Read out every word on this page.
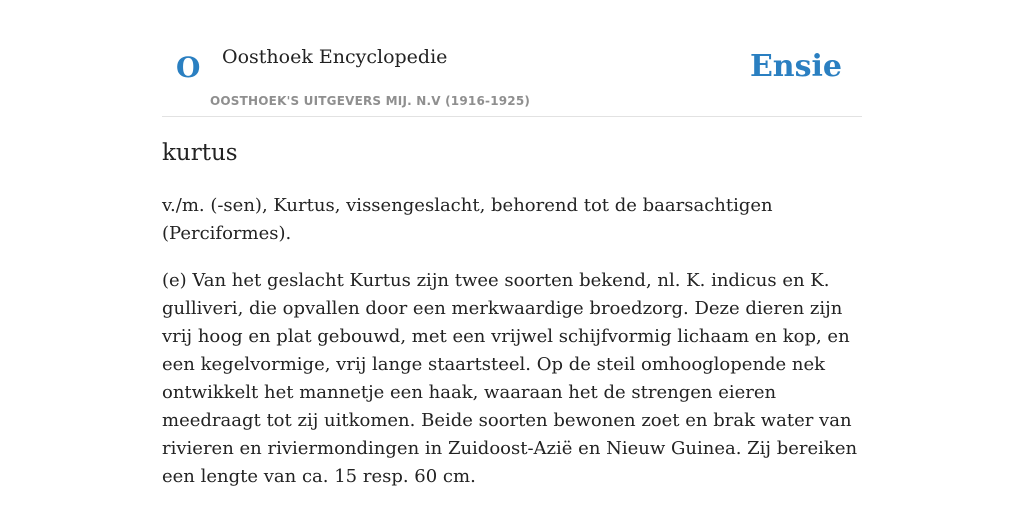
O Oosthoek Encyclopedie
OOSTHOEK'S UITGEVERS MIJ. N.V (1916-1925)
Ensie
kurtus

v./m. (-sen), Kurtus, vissengeslacht, behorend tot de baarsachtigen (Perciformes).

(e) Van het geslacht Kurtus zijn twee soorten bekend, nl. K. indicus en K. gulliveri, die opvallen door een merkwaardige broedzorg. Deze dieren zijn vrij hoog en plat gebouwd, met een vrijwel schijfvormig lichaam en kop, en een kegelvormige, vrij lange staartsteel. Op de steil omhooglopende nek ontwikkelt het mannetje een haak, waaraan het de strengen eieren meedraagt tot zij uitkomen. Beide soorten bewonen zoet en brak water van rivieren en riviermondingen in Zuidoost-Azië en Nieuw Guinea. Zij bereiken een lengte van ca. 15 resp. 60 cm.
